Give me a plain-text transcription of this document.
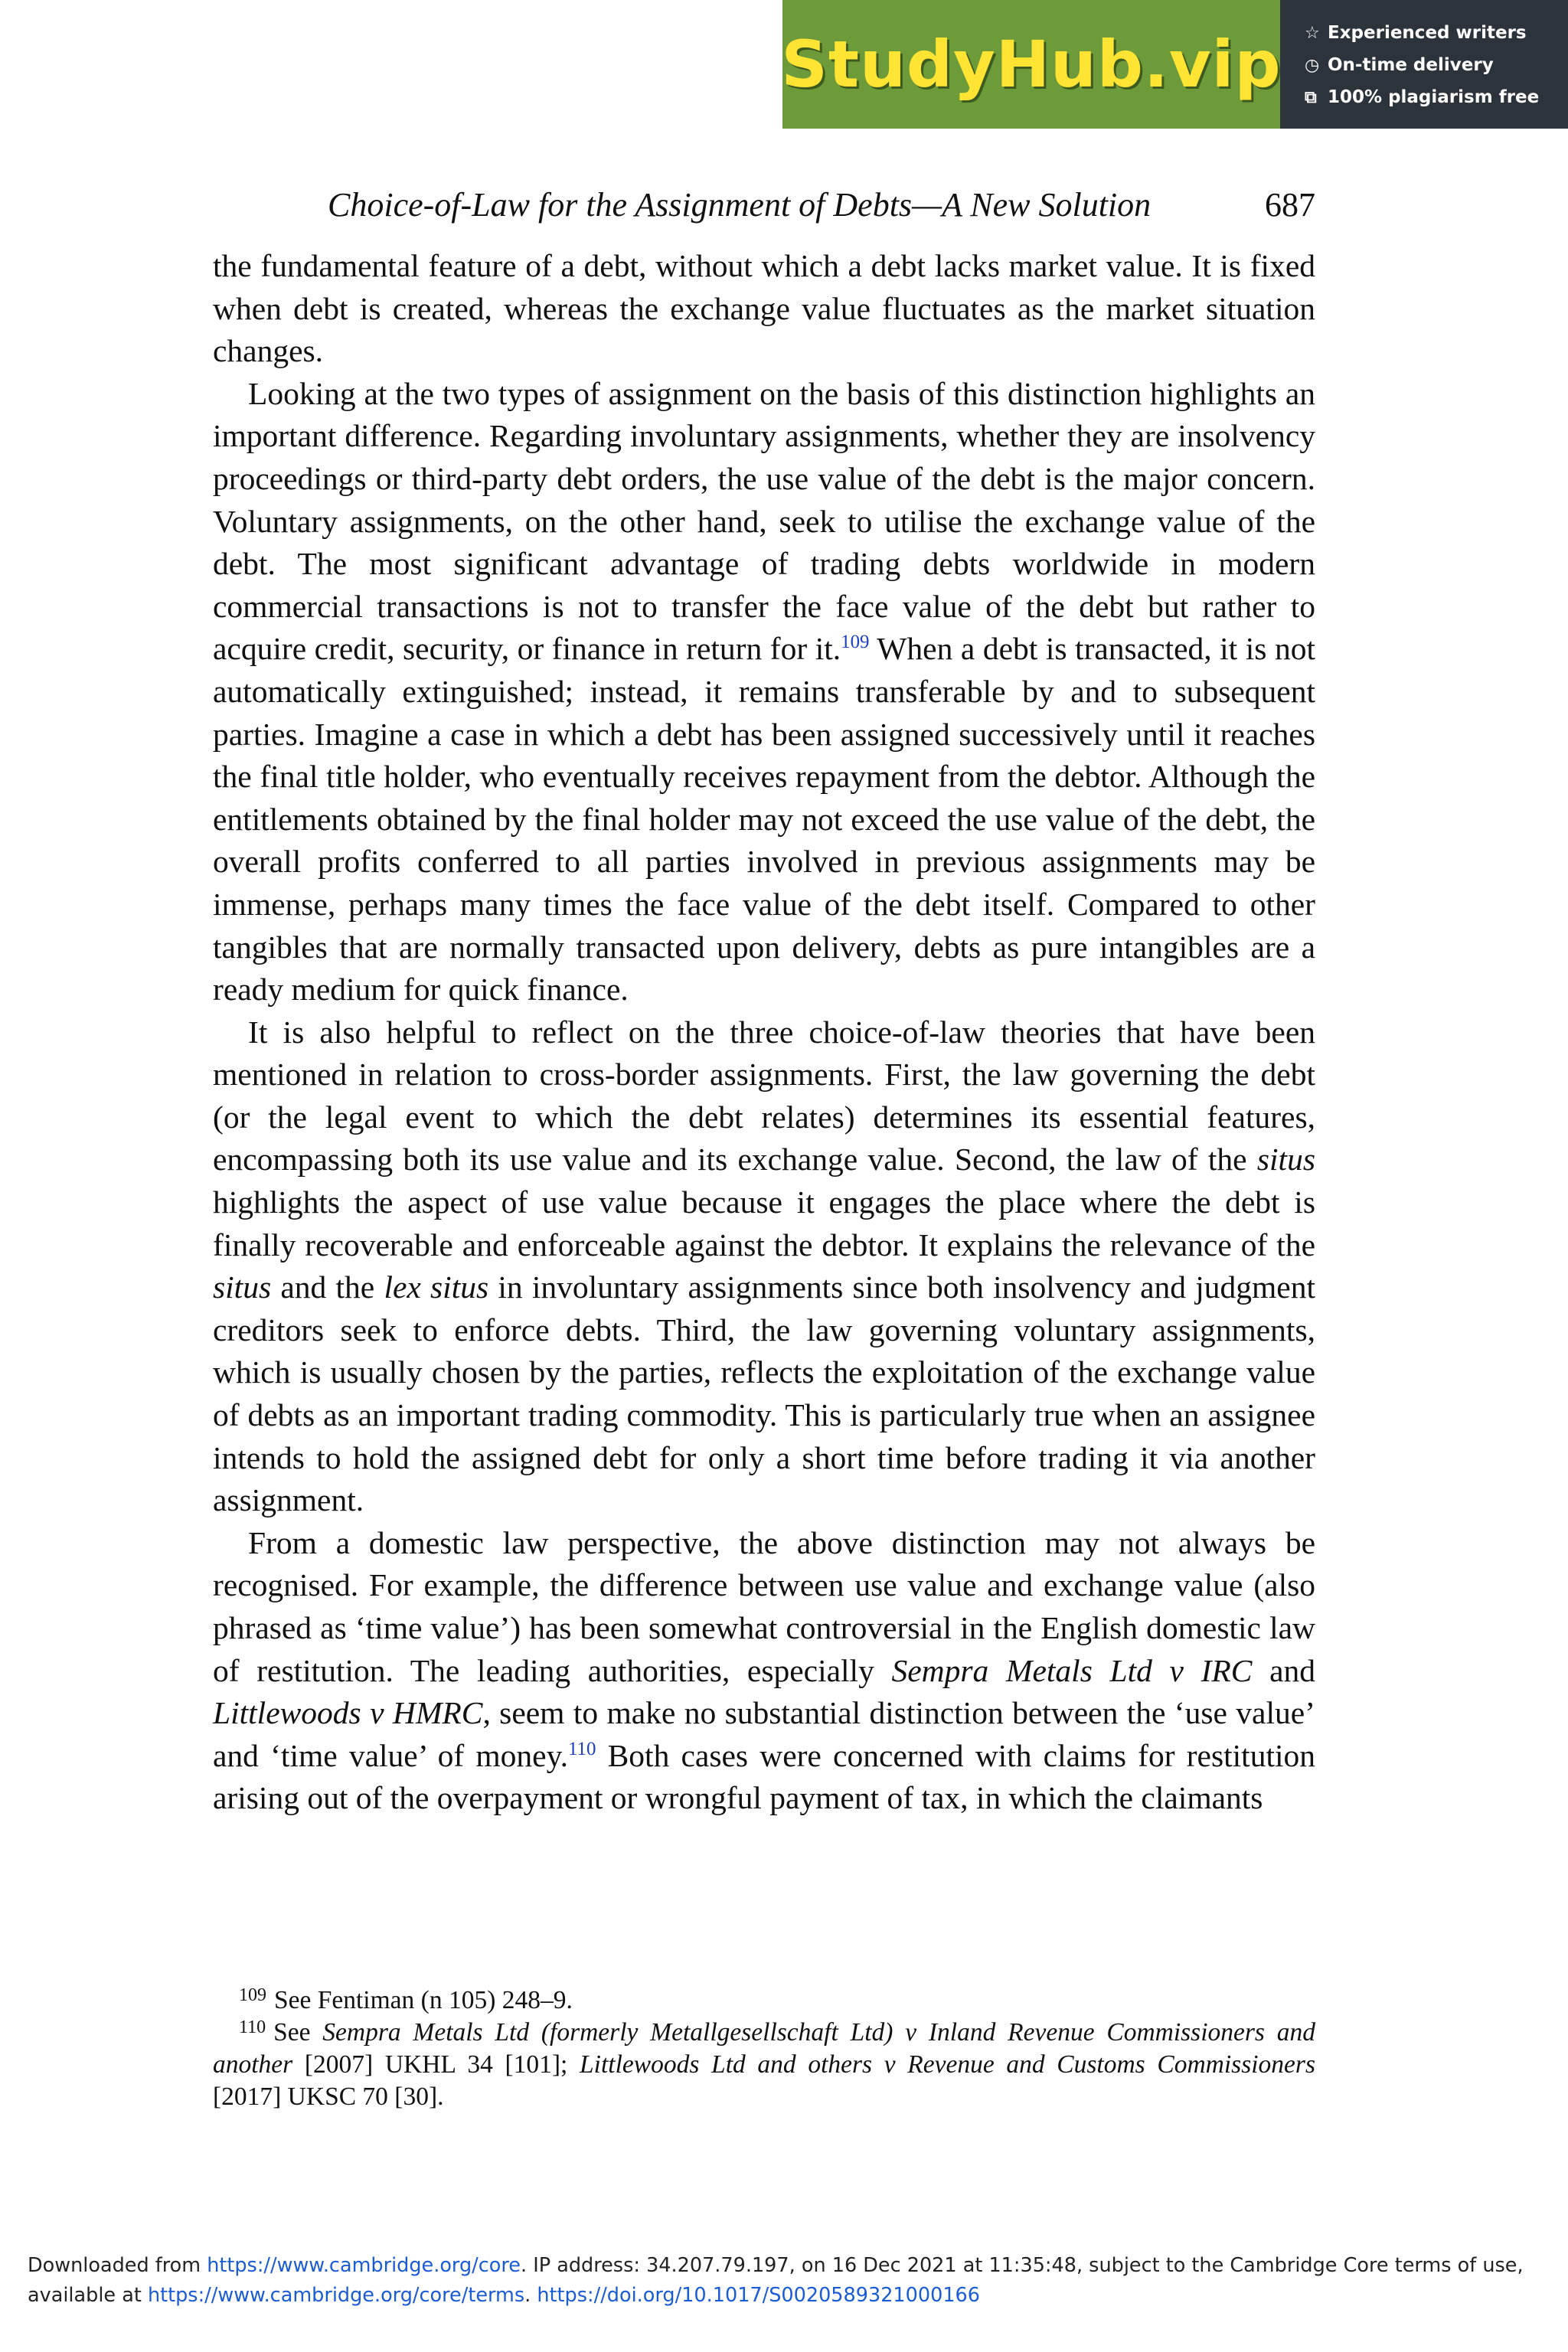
StudyHub.vip ☆ Experienced writers
◷ On-time delivery
⧉ 100% plagiarism free
Choice-of-Law for the Assignment of Debts—A New Solution	687

the fundamental feature of a debt, without which a debt lacks market value. It is fixed when debt is created, whereas the exchange value fluctuates as the market situation changes.

Looking at the two types of assignment on the basis of this distinction highlights an important difference. Regarding involuntary assignments, whether they are insolvency proceedings or third-party debt orders, the use value of the debt is the major concern. Voluntary assignments, on the other hand, seek to utilise the exchange value of the debt. The most significant advantage of trading debts worldwide in modern commercial transactions is not to transfer the face value of the debt but rather to acquire credit, security, or finance in return for it.$^{109}$ When a debt is transacted, it is not automatically extinguished; instead, it remains transferable by and to subsequent parties. Imagine a case in which a debt has been assigned successively until it reaches the final title holder, who eventually receives repayment from the debtor. Although the entitlements obtained by the final holder may not exceed the use value of the debt, the overall profits conferred to all parties involved in previous assignments may be immense, perhaps many times the face value of the debt itself. Compared to other tangibles that are normally transacted upon delivery, debts as pure intangibles are a ready medium for quick finance.

It is also helpful to reflect on the three choice-of-law theories that have been mentioned in relation to cross-border assignments. First, the law governing the debt (or the legal event to which the debt relates) determines its essential features, encompassing both its use value and its exchange value. Second, the law of the situs highlights the aspect of use value because it engages the place where the debt is finally recoverable and enforceable against the debtor. It explains the relevance of the situs and the lex situs in involuntary assignments since both insolvency and judgment creditors seek to enforce debts. Third, the law governing voluntary assignments, which is usually chosen by the parties, reflects the exploitation of the exchange value of debts as an important trading commodity. This is particularly true when an assignee intends to hold the assigned debt for only a short time before trading it via another assignment.

From a domestic law perspective, the above distinction may not always be recognised. For example, the difference between use value and exchange value (also phrased as ‘time value’) has been somewhat controversial in the English domestic law of restitution. The leading authorities, especially Sempra Metals Ltd v IRC and Littlewoods v HMRC, seem to make no substantial distinction between the ‘use value’ and ‘time value’ of money.$^{110}$ Both cases were concerned with claims for restitution arising out of the overpayment or wrongful payment of tax, in which the claimants

$^{109}$ See Fentiman (n 105) 248–9.

$^{110}$ See Sempra Metals Ltd (formerly Metallgesellschaft Ltd) v Inland Revenue Commissioners and another [2007] UKHL 34 [101]; Littlewoods Ltd and others v Revenue and Customs Commissioners [2017] UKSC 70 [30].

Downloaded from https://www.cambridge.org/core. IP address: 34.207.79.197, on 16 Dec 2021 at 11:35:48, subject to the Cambridge Core terms of use, available at https://www.cambridge.org/core/terms. https://doi.org/10.1017/S0020589321000166
